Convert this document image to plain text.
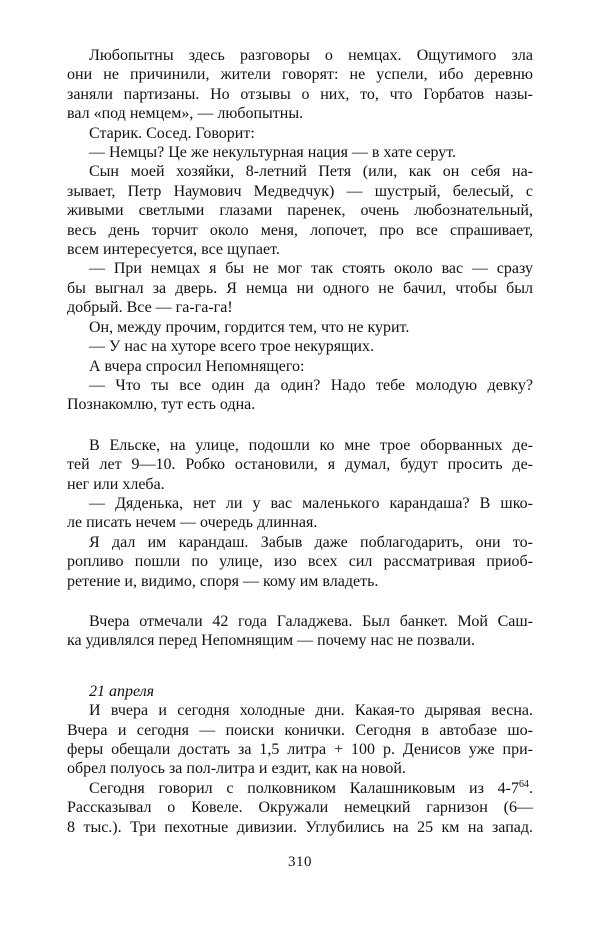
Любопытны здесь разговоры о немцах. Ощутимого зла
они не причинили, жители говорят: не успели, ибо деревню
заняли партизаны. Но отзывы о них, то, что Горбатов назы-
вал «под немцем», — любопытны.
Старик. Сосед. Говорит:
— Немцы? Це же некультурная нация — в хате серут.
Сын моей хозяйки, 8-летний Петя (или, как он себя на-
зывает, Петр Наумович Медведчук) — шустрый, белесый, с
живыми светлыми глазами паренек, очень любознательный,
весь день торчит около меня, лопочет, про все спрашивает,
всем интересуется, все щупает.
— При немцах я бы не мог так стоять около вас — сразу
бы выгнал за дверь. Я немца ни одного не бачил, чтобы был
добрый. Все — га-га-га!
Он, между прочим, гордится тем, что не курит.
— У нас на хуторе всего трое некурящих.
А вчера спросил Непомнящего:
— Что ты все один да один? Надо тебе молодую девку?
Познакомлю, тут есть одна.
В Ельске, на улице, подошли ко мне трое оборванных де-
тей лет 9—10. Робко остановили, я думал, будут просить де-
нег или хлеба.
— Дяденька, нет ли у вас маленького карандаша? В шко-
ле писать нечем — очередь длинная.
Я дал им карандаш. Забыв даже поблагодарить, они то-
ропливо пошли по улице, изо всех сил рассматривая приоб-
ретение и, видимо, споря — кому им владеть.
Вчера отмечали 42 года Галаджева. Был банкет. Мой Саш-
ка удивлялся перед Непомнящим — почему нас не позвали.
21 апреля
И вчера и сегодня холодные дни. Какая-то дырявая весна.
Вчера и сегодня — поиски конички. Сегодня в автобазе шо-
феры обещали достать за 1,5 литра + 100 р. Денисов уже при-
обрел полуось за пол-литра и ездит, как на новой.
Сегодня говорил с полковником Калашниковым из $4-7^{64}$.
Рассказывал о Ковеле. Окружали немецкий гарнизон (6—
8 тыс.). Три пехотные дивизии. Углубились на 25 км на запад.
310
